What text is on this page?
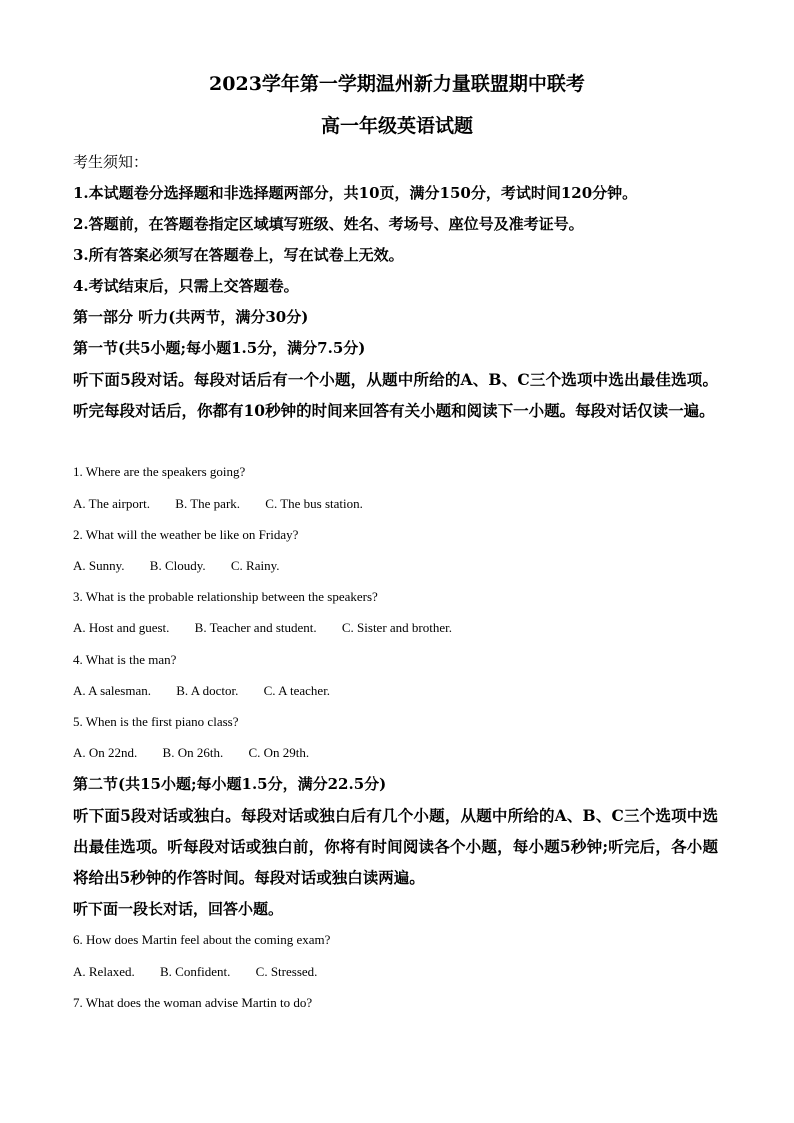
2023学年第一学期温州新力量联盟期中联考
高一年级英语试题
考生须知：
1.本试题卷分选择题和非选择题两部分，共10页，满分150分，考试时间120分钟。
2.答题前，在答题卷指定区域填写班级、姓名、考场号、座位号及准考证号。
3.所有答案必须写在答题卷上，写在试卷上无效。
4.考试结束后，只需上交答题卷。
第一部分 听力(共两节，满分30分)
第一节(共5小题;每小题1.5分，满分7.5分)
听下面5段对话。每段对话后有一个小题，从题中所给的A、B、C三个选项中选出最佳选项。听完每段对话后，你都有10秒钟的时间来回答有关小题和阅读下一小题。每段对话仅读一遍。
1. Where are the speakers going?
A. The airport. B. The park. C. The bus station.
2. What will the weather be like on Friday?
A. Sunny. B. Cloudy. C. Rainy.
3. What is the probable relationship between the speakers?
A. Host and guest. B. Teacher and student. C. Sister and brother.
4. What is the man?
A. A salesman. B. A doctor. C. A teacher.
5. When is the first piano class?
A. On 22nd. B. On 26th. C. On 29th.
第二节(共15小题;每小题1.5分，满分22.5分)
听下面5段对话或独白。每段对话或独白后有几个小题，从题中所给的A、B、C三个选项中选出最佳选项。听每段对话或独白前，你将有时间阅读各个小题，每小题5秒钟;听完后，各小题将给出5秒钟的作答时间。每段对话或独白读两遍。
听下面一段长对话，回答小题。
6. How does Martin feel about the coming exam?
A. Relaxed. B. Confident. C. Stressed.
7. What does the woman advise Martin to do?
